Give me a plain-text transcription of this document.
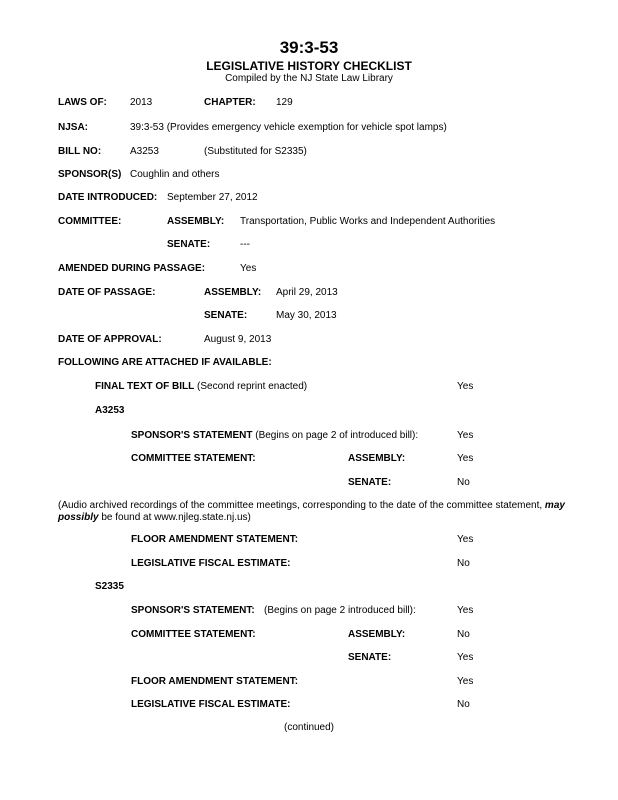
39:3-53
LEGISLATIVE HISTORY CHECKLIST
Compiled by the NJ State Law Library
LAWS OF: 2013	CHAPTER: 129
NJSA:	39:3-53 (Provides emergency vehicle exemption for vehicle spot lamps)
BILL NO:	A3253	(Substituted for S2335)
SPONSOR(S) Coughlin and others
DATE INTRODUCED: September 27, 2012
COMMITTEE:	ASSEMBLY: Transportation, Public Works and Independent Authorities
SENATE:	---
AMENDED DURING PASSAGE:	Yes
DATE OF PASSAGE:	ASSEMBLY: April 29, 2013
SENATE:	May 30, 2013
DATE OF APPROVAL:	August 9, 2013
FOLLOWING ARE ATTACHED IF AVAILABLE:
FINAL TEXT OF BILL (Second reprint enacted)	Yes
A3253
SPONSOR'S STATEMENT (Begins on page 2 of introduced bill):	Yes
COMMITTEE STATEMENT:	ASSEMBLY:	Yes
SENATE:	No
(Audio archived recordings of the committee meetings, corresponding to the date of the committee statement, may possibly be found at www.njleg.state.nj.us)
FLOOR AMENDMENT STATEMENT:	Yes
LEGISLATIVE FISCAL ESTIMATE:	No
S2335
SPONSOR'S STATEMENT: (Begins on page 2 introduced bill):	Yes
COMMITTEE STATEMENT:	ASSEMBLY:	No
SENATE:	Yes
FLOOR AMENDMENT STATEMENT:	Yes
LEGISLATIVE FISCAL ESTIMATE:	No
(continued)
